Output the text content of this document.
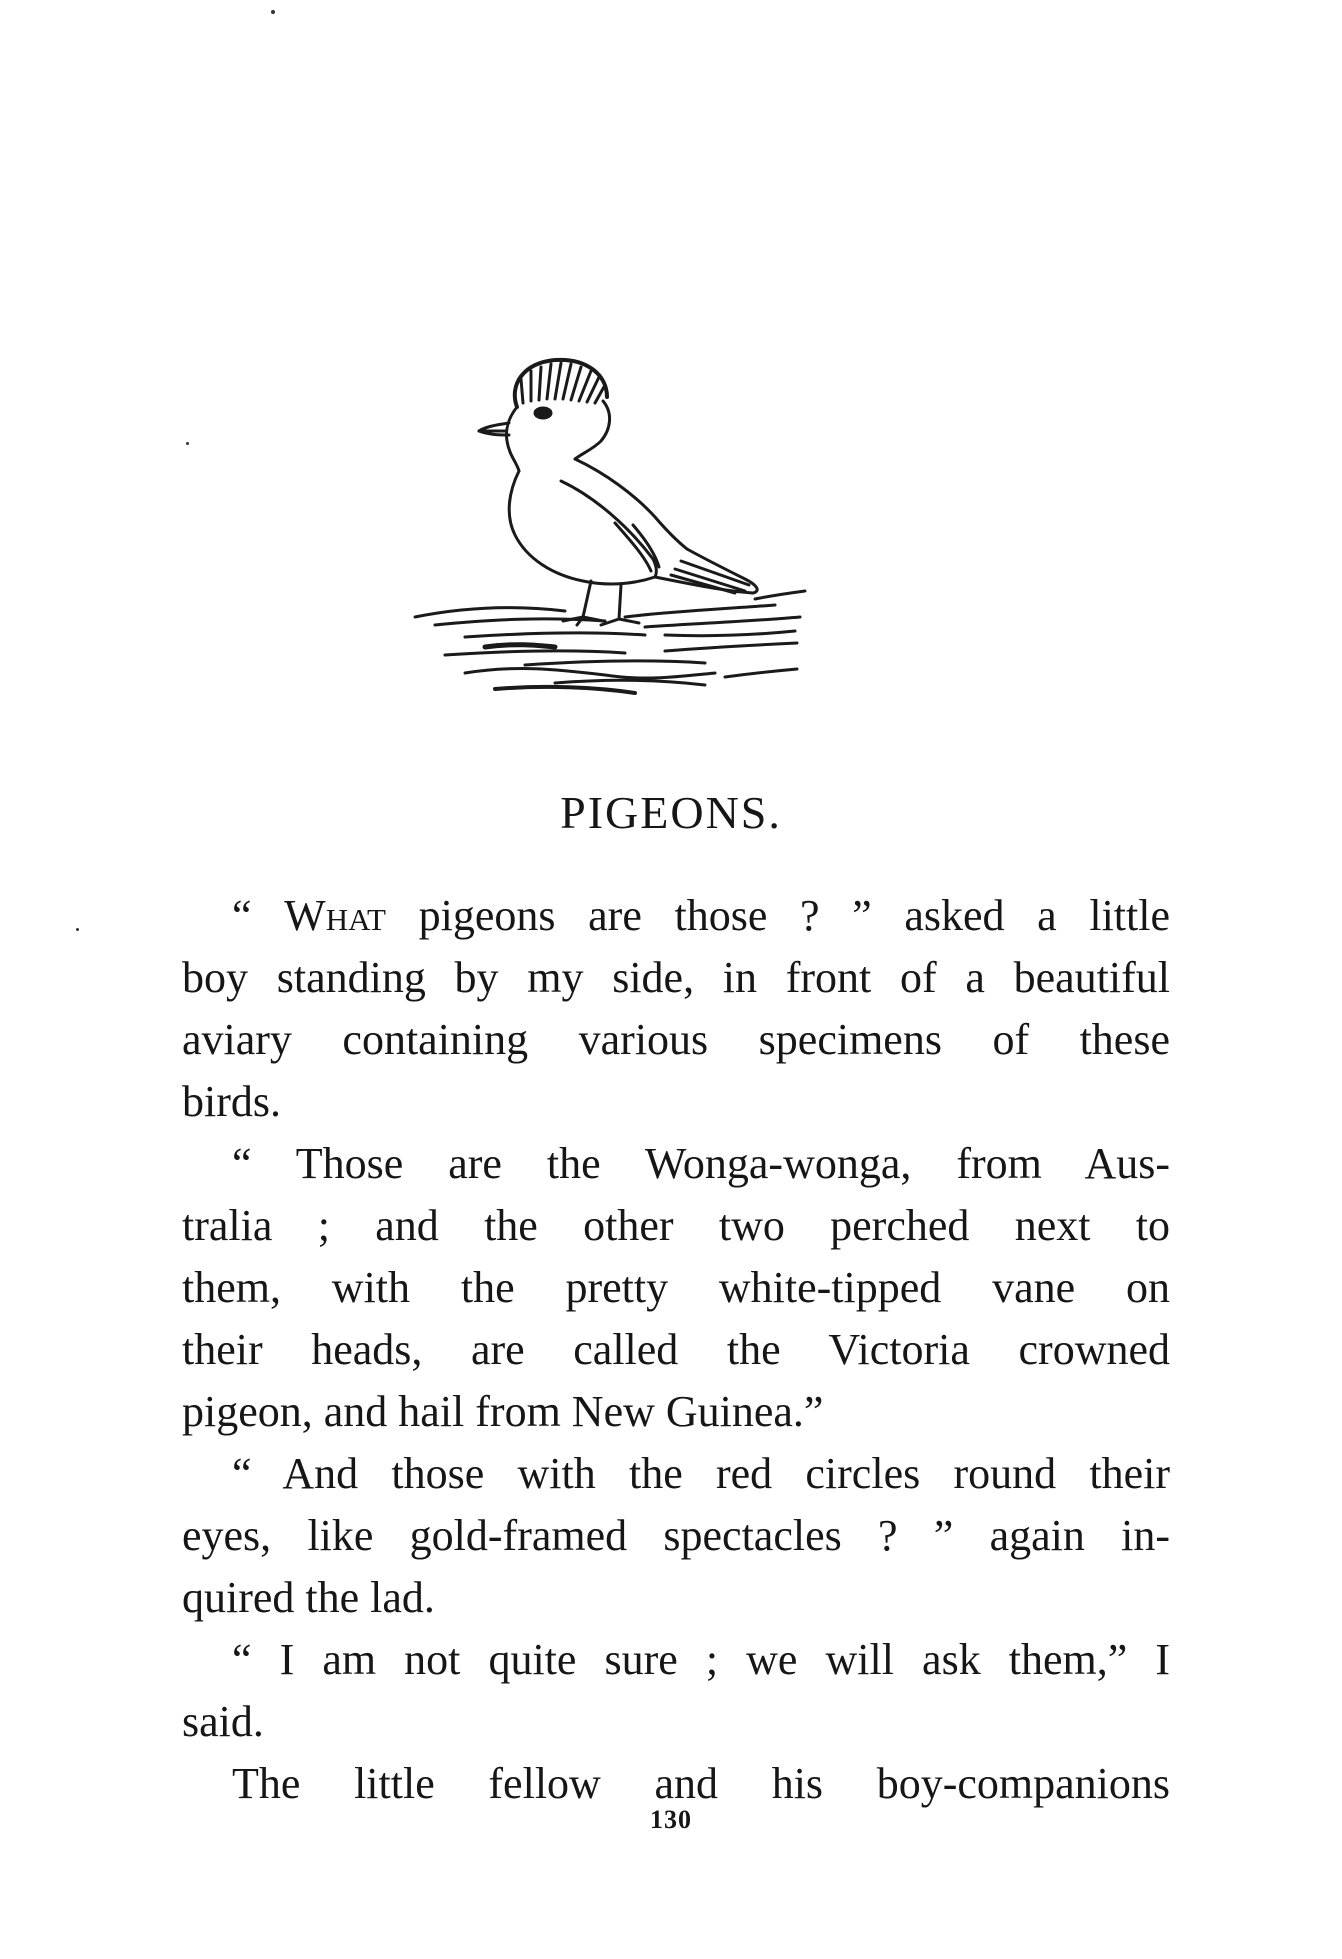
PIGEONS.
“ What pigeons are those ? ” asked a little
boy standing by my side, in front of a beautiful
aviary containing various specimens of these
birds.
“ Those are the Wonga-wonga, from Aus-
tralia ; and the other two perched next to
them, with the pretty white-tipped vane on
their heads, are called the Victoria crowned
pigeon, and hail from New Guinea.”
“ And those with the red circles round their
eyes, like gold-framed spectacles ? ” again in-
quired the lad.
“ I am not quite sure ; we will ask them,” I
said.
The little fellow and his boy-companions
130
